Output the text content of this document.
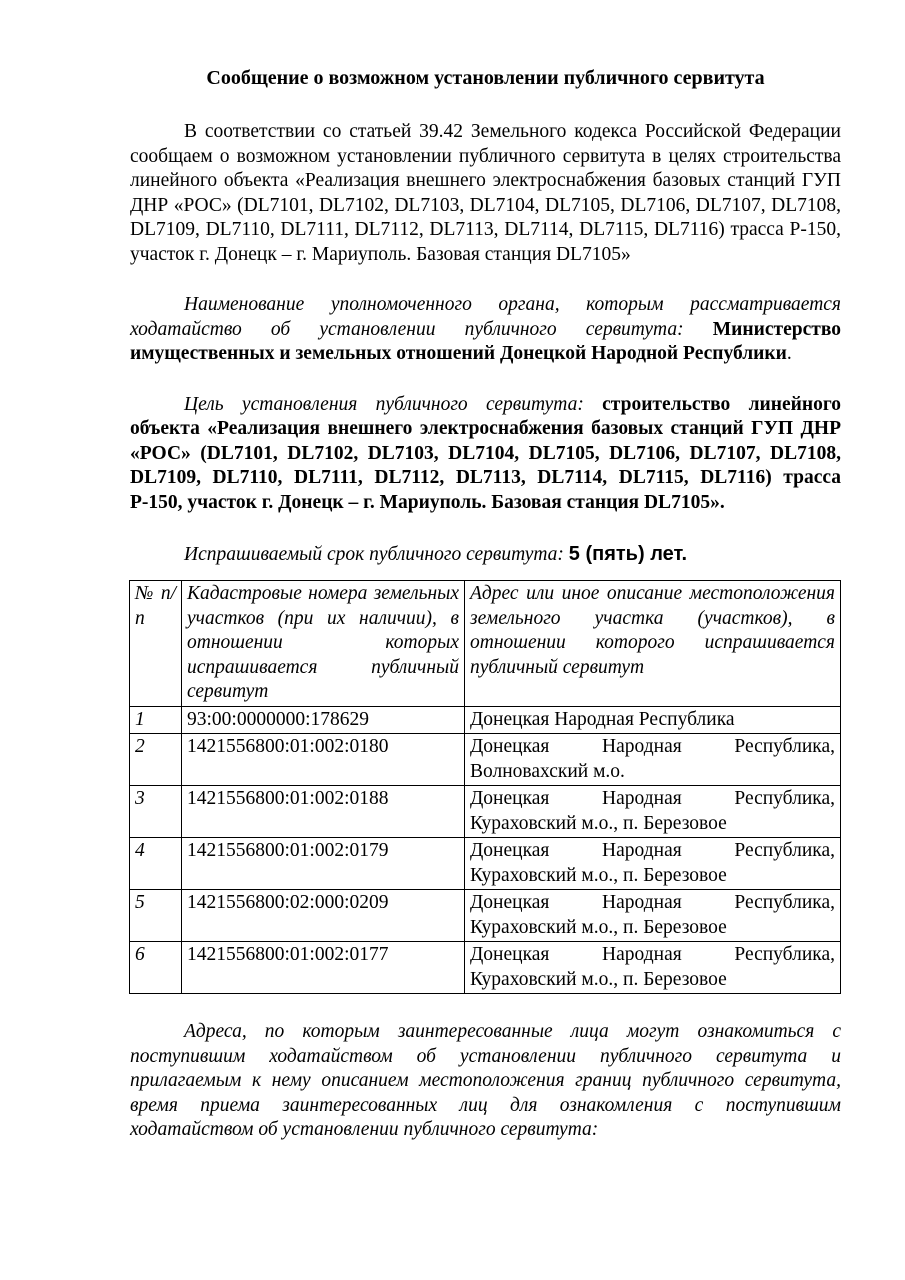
Сообщение о возможном установлении публичного сервитута

В соответствии со статьей 39.42 Земельного кодекса Российской Федерации сообщаем о возможном установлении публичного сервитута в целях строительства линейного объекта «Реализация внешнего электроснабжения базовых станций ГУП ДНР «РОС» (DL7101, DL7102, DL7103, DL7104, DL7105, DL7106, DL7107, DL7108, DL7109, DL7110, DL7111, DL7112, DL7113, DL7114, DL7115, DL7116) трасса Р-150, участок г. Донецк – г. Мариуполь. Базовая станция DL7105»

Наименование уполномоченного органа, которым рассматривается ходатайство об установлении публичного сервитута: Министерство имущественных и земельных отношений Донецкой Народной Республики.

Цель установления публичного сервитута: строительство линейного объекта «Реализация внешнего электроснабжения базовых станций ГУП ДНР «РОС» (DL7101, DL7102, DL7103, DL7104, DL7105, DL7106, DL7107, DL7108, DL7109, DL7110, DL7111, DL7112, DL7113, DL7114, DL7115, DL7116) трасса Р-150, участок г. Донецк – г. Мариуполь. Базовая станция DL7105».

Испрашиваемый срок публичного сервитута: 5 (пять) лет.

№ п/п	Кадастровые номера земельных участков (при их наличии), в отношении которых испрашивается публичный сервитут	Адрес или иное описание местоположения земельного участка (участков), в отношении которого испрашивается публичный сервитут
1	93:00:0000000:178629	Донецкая Народная Республика
2	1421556800:01:002:0180	Донецкая Народная Республика, Волновахский м.о.
3	1421556800:01:002:0188	Донецкая Народная Республика, Кураховский м.о., п. Березовое
4	1421556800:01:002:0179	Донецкая Народная Республика, Кураховский м.о., п. Березовое
5	1421556800:02:000:0209	Донецкая Народная Республика, Кураховский м.о., п. Березовое
6	1421556800:01:002:0177	Донецкая Народная Республика, Кураховский м.о., п. Березовое

Адреса, по которым заинтересованные лица могут ознакомиться с поступившим ходатайством об установлении публичного сервитута и прилагаемым к нему описанием местоположения границ публичного сервитута, время приема заинтересованных лиц для ознакомления с поступившим ходатайством об установлении публичного сервитута:
